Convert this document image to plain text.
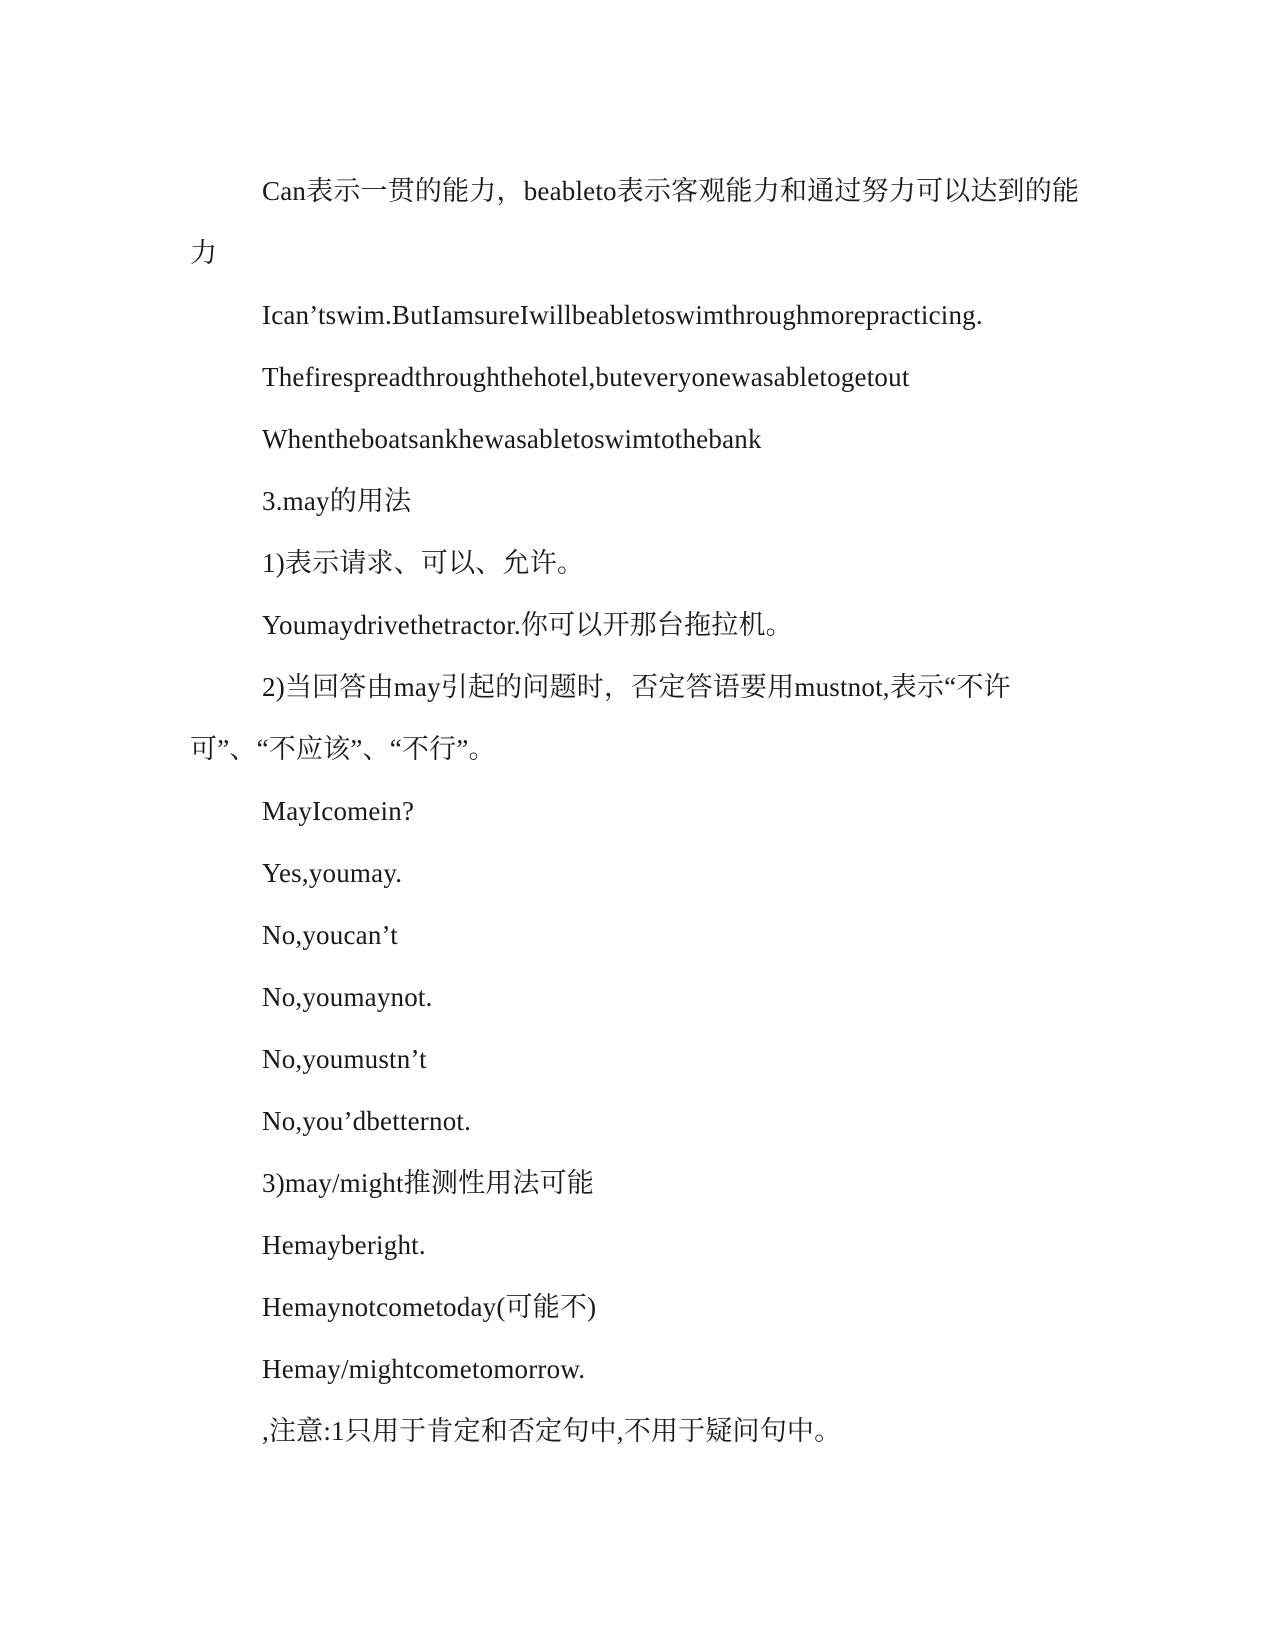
Can表示一贯的能力，beableto表示客观能力和通过努力可以达到的能力

Ican’tswim.ButIamsureIwillbeabletoswimthroughmorepracticing.

Thefirespreadthroughthehotel,buteveryonewasabletogetout

Whentheboatsankhewasabletoswimtothebank

3.may的用法

1)表示请求、可以、允许。

Youmaydrivethetractor.你可以开那台拖拉机。

2)当回答由may引起的问题时，否定答语要用mustnot,表示“不许可”、“不应该”、“不行”。

MayIcomein?

Yes,youmay.

No,youcan’t

No,youmaynot.

No,youmustn’t

No,you’dbetternot.

3)may/might推测性用法可能

Hemayberight.

Hemaynotcometoday(可能不)

Hemay/mightcometomorrow.

,注意:1只用于肯定和否定句中,不用于疑问句中。
